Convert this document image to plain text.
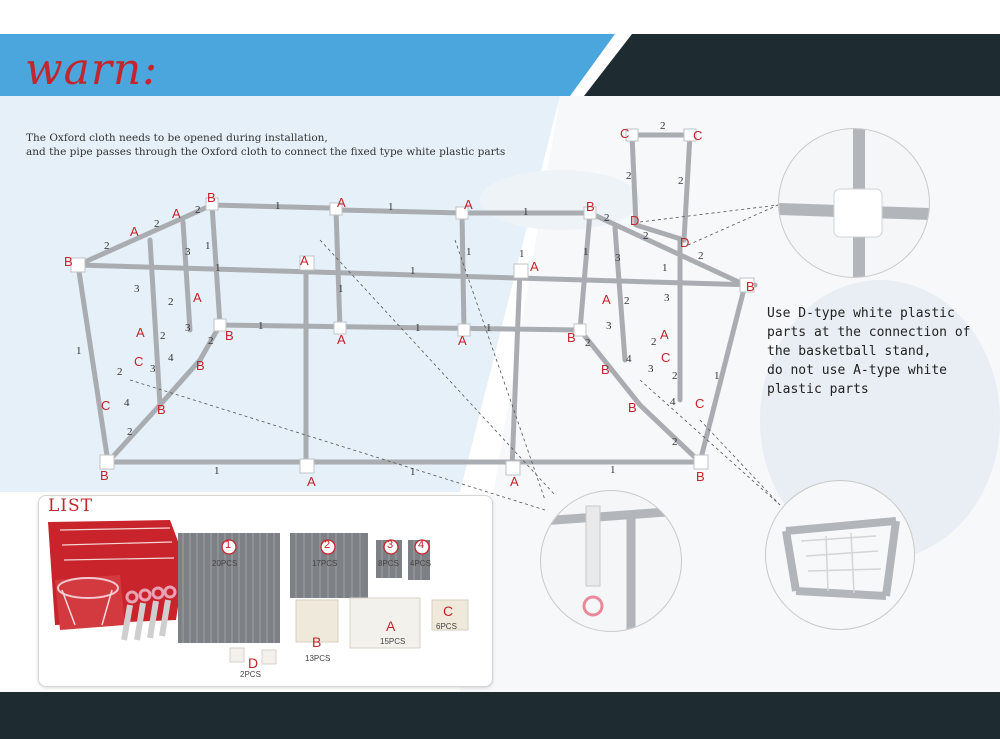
warn:
The Oxford cloth needs to be opened during installation,
and the pipe passes through the Oxford cloth to connect the fixed type white plastic parts
B
B
A
A
A	A	B
A	A
B
A
A	B
B
A	A	B
A
A
B
C
C	B
C
B	C
B	A	A	B
C	C
D
D
1	1	1
2
2
2
2
2
2
2
2	2
1
3
1	1
1
1	1	1 3
1
3
3
2	2
3	3
1	1	1
2	2	2	2
1
4	4
3	3
2	2	1
4	4
2
2
1	1	1
Use D-type white plastic
parts at the connection of
the basketball stand,
do not use A-type white
plastic parts
LIST
1
20PCS
2
17PCS
3
8PCS
4
4PCS
B
13PCS
A
15PCS
C
6PCS
D
2PCS
